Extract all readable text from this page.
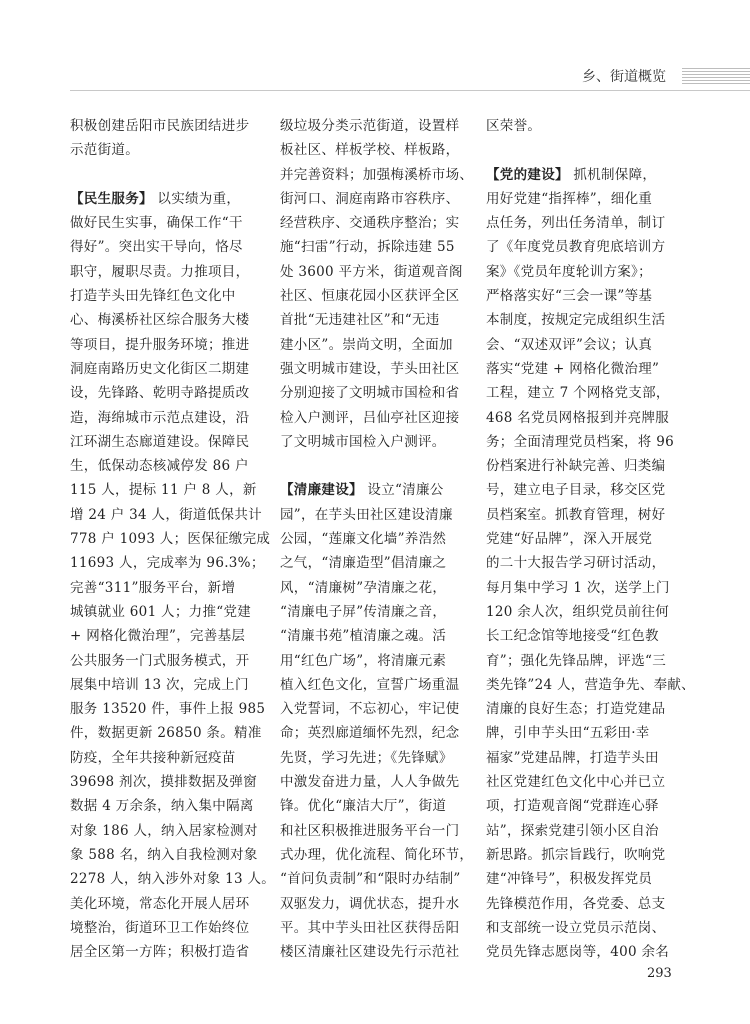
乡、街道概览
积极创建岳阳市民族团结进步
示范街道。
【民生服务】 以实绩为重，
做好民生实事，确保工作“干
得好”。突出实干导向，恪尽
职守，履职尽责。力推项目，
打造芋头田先锋红色文化中
心、梅溪桥社区综合服务大楼
等项目，提升服务环境；推进
洞庭南路历史文化街区二期建
设，先锋路、乾明寺路提质改
造，海绵城市示范点建设，沿
江环湖生态廊道建设。保障民
生，低保动态核减停发 86 户
115 人，提标 11 户 8 人，新
增 24 户 34 人，街道低保共计
778 户 1093 人；医保征缴完成
11693 人，完成率为 96.3%；
完善“311”服务平台，新增
城镇就业 601 人；力推“党建
+ 网格化微治理”，完善基层
公共服务一门式服务模式，开
展集中培训 13 次，完成上门
服务 13520 件，事件上报 985
件，数据更新 26850 条。精准
防疫，全年共接种新冠疫苗
39698 剂次，摸排数据及弹窗
数据 4 万余条，纳入集中隔离
对象 186 人，纳入居家检测对
象 588 名，纳入自我检测对象
2278 人，纳入涉外对象 13 人。
美化环境，常态化开展人居环
境整治，街道环卫工作始终位
居全区第一方阵；积极打造省
级垃圾分类示范街道，设置样
板社区、样板学校、样板路，
并完善资料；加强梅溪桥市场、
街河口、洞庭南路市容秩序、
经营秩序、交通秩序整治；实
施“扫雷”行动，拆除违建 55
处 3600 平方米，街道观音阁
社区、恒康花园小区获评全区
首批“无违建社区”和“无违
建小区”。崇尚文明，全面加
强文明城市建设，芋头田社区
分别迎接了文明城市国检和省
检入户测评，吕仙亭社区迎接
了文明城市国检入户测评。
【清廉建设】 设立“清廉公
园”，在芋头田社区建设清廉
公园，“莲廉文化墙”养浩然
之气，“清廉造型”倡清廉之
风，“清廉树”孕清廉之花，
“清廉电子屏”传清廉之音，
“清廉书苑”植清廉之魂。活
用“红色广场”，将清廉元素
植入红色文化，宣誓广场重温
入党誓词，不忘初心，牢记使
命；英烈廊道缅怀先烈，纪念
先贤，学习先进；《先锋赋》
中激发奋进力量，人人争做先
锋。优化“廉洁大厅”，街道
和社区积极推进服务平台一门
式办理，优化流程、简化环节，
“首问负责制”和“限时办结制”
双驱发力，调优状态，提升水
平。其中芋头田社区获得岳阳
楼区清廉社区建设先行示范社
区荣誉。
【党的建设】 抓机制保障，
用好党建“指挥棒”，细化重
点任务，列出任务清单，制订
了《年度党员教育兜底培训方
案》《党员年度轮训方案》；
严格落实好“三会一课”等基
本制度，按规定完成组织生活
会、“双述双评”会议；认真
落实“党建 + 网格化微治理”
工程，建立 7 个网格党支部，
468 名党员网格报到并亮牌服
务；全面清理党员档案，将 96
份档案进行补缺完善、归类编
号，建立电子目录，移交区党
员档案室。抓教育管理，树好
党建“好品牌”，深入开展党
的二十大报告学习研讨活动，
每月集中学习 1 次，送学上门
120 余人次，组织党员前往何
长工纪念馆等地接受“红色教
育”；强化先锋品牌，评选“三
类先锋”24 人，营造争先、奉献、
清廉的良好生态；打造党建品
牌，引申芋头田“五彩田·幸
福家”党建品牌，打造芋头田
社区党建红色文化中心并已立
项，打造观音阁“党群连心驿
站”，探索党建引领小区自治
新思路。抓宗旨践行，吹响党
建“冲锋号”，积极发挥党员
先锋模范作用，各党委、总支
和支部统一设立党员示范岗、
党员先锋志愿岗等，400 余名
293
